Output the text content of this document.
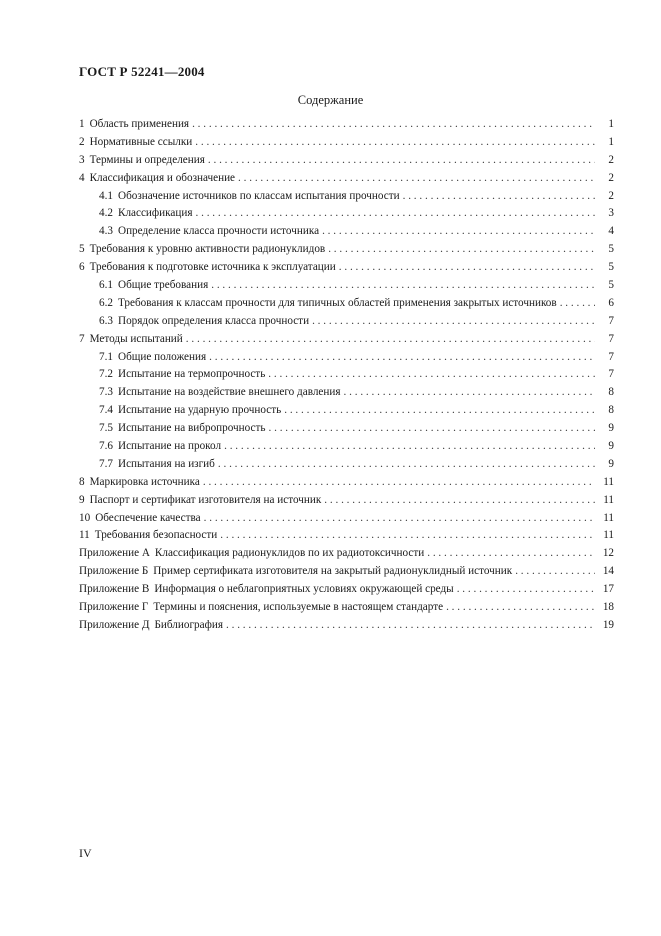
ГОСТ Р 52241—2004
Содержание
1 Область применения . . .	1
2 Нормативные ссылки . . .	1
3 Термины и определения . . .	2
4 Классификация и обозначение . . .	2
4.1 Обозначение источников по классам испытания прочности . . .	2
4.2 Классификация . . .	3
4.3 Определение класса прочности источника . . .	4
5 Требования к уровню активности радионуклидов . . .	5
6 Требования к подготовке источника к эксплуатации . . .	5
6.1 Общие требования . . .	5
6.2 Требования к классам прочности для типичных областей применения закрытых источников . . .	6
6.3 Порядок определения класса прочности . . .	7
7 Методы испытаний . . .	7
7.1 Общие положения . . .	7
7.2 Испытание на термопрочность . . .	7
7.3 Испытание на воздействие внешнего давления . . .	8
7.4 Испытание на ударную прочность . . .	8
7.5 Испытание на вибропрочность . . .	9
7.6 Испытание на прокол . . .	9
7.7 Испытания на изгиб . . .	9
8 Маркировка источника . . .	11
9 Паспорт и сертификат изготовителя на источник . . .	11
10 Обеспечение качества . . .	11
11 Требования безопасности . . .	11
Приложение А Классификация радионуклидов по их радиотоксичности . . .	12
Приложение Б Пример сертификата изготовителя на закрытый радионуклидный источник . . .	14
Приложение В Информация о неблагоприятных условиях окружающей среды . . .	17
Приложение Г Термины и пояснения, используемые в настоящем стандарте . . .	18
Приложение Д Библиография . . .	19
IV
